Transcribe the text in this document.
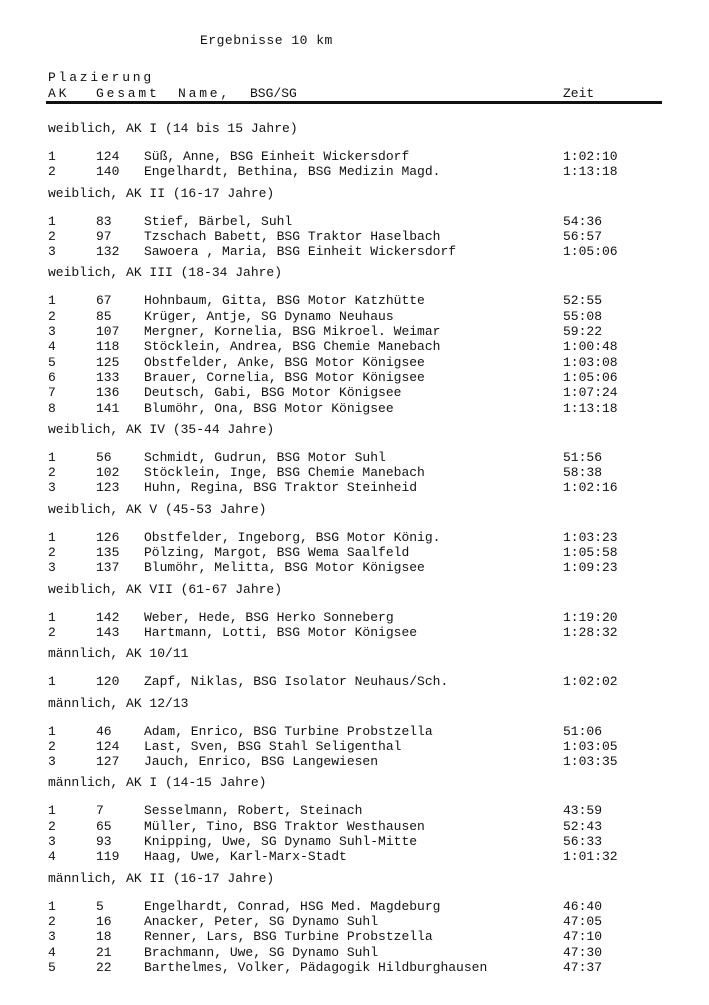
Ergebnisse 10 km
Plazierung
AK Gesamt Name, BSG/SG	Zeit
weiblich, AK I (14 bis 15 Jahre)
1	124 Süß, Anne, BSG Einheit Wickersdorf	1:02:10
2	140 Engelhardt, Bethina, BSG Medizin Magd.	1:13:18
weiblich, AK II (16-17 Jahre)
1	83 Stief, Bärbel, Suhl	54:36
2	97 Tzschach Babett, BSG Traktor Haselbach	56:57
3	132 Sawoera , Maria, BSG Einheit Wickersdorf	1:05:06
weiblich, AK III (18-34 Jahre)
1	67 Hohnbaum, Gitta, BSG Motor Katzhütte	52:55
2	85 Krüger, Antje, SG Dynamo Neuhaus	55:08
3	107 Mergner, Kornelia, BSG Mikroel. Weimar	59:22
4	118 Stöcklein, Andrea, BSG Chemie Manebach	1:00:48
5	125 Obstfelder, Anke, BSG Motor Königsee	1:03:08
6	133 Brauer, Cornelia, BSG Motor Königsee	1:05:06
7	136 Deutsch, Gabi, BSG Motor Königsee	1:07:24
8	141 Blumöhr, Ona, BSG Motor Königsee	1:13:18
weiblich, AK IV (35-44 Jahre)
1	56 Schmidt, Gudrun, BSG Motor Suhl	51:56
2	102 Stöcklein, Inge, BSG Chemie Manebach	58:38
3	123 Huhn, Regina, BSG Traktor Steinheid	1:02:16
weiblich, AK V (45-53 Jahre)
1	126 Obstfelder, Ingeborg, BSG Motor König.	1:03:23
2	135 Pölzing, Margot, BSG Wema Saalfeld	1:05:58
3	137 Blumöhr, Melitta, BSG Motor Königsee	1:09:23
weiblich, AK VII (61-67 Jahre)
1	142 Weber, Hede, BSG Herko Sonneberg	1:19:20
2	143 Hartmann, Lotti, BSG Motor Königsee	1:28:32
männlich, AK 10/11
1	120 Zapf, Niklas, BSG Isolator Neuhaus/Sch.	1:02:02
männlich, AK 12/13
1	46 Adam, Enrico, BSG Turbine Probstzella	51:06
2	124 Last, Sven, BSG Stahl Seligenthal	1:03:05
3	127 Jauch, Enrico, BSG Langewiesen	1:03:35
männlich, AK I (14-15 Jahre)
1	7	Sesselmann, Robert, Steinach	43:59
2	65 Müller, Tino, BSG Traktor Westhausen	52:43
3	93 Knipping, Uwe, SG Dynamo Suhl-Mitte	56:33
4	119 Haag, Uwe, Karl-Marx-Stadt	1:01:32
männlich, AK II (16-17 Jahre)
1	5	Engelhardt, Conrad, HSG Med. Magdeburg	46:40
2	16 Anacker, Peter, SG Dynamo Suhl	47:05
3	18 Renner, Lars, BSG Turbine Probstzella	47:10
4	21 Brachmann, Uwe, SG Dynamo Suhl	47:30
5	22 Barthelmes, Volker, Pädagogik Hildburghausen	47:37
